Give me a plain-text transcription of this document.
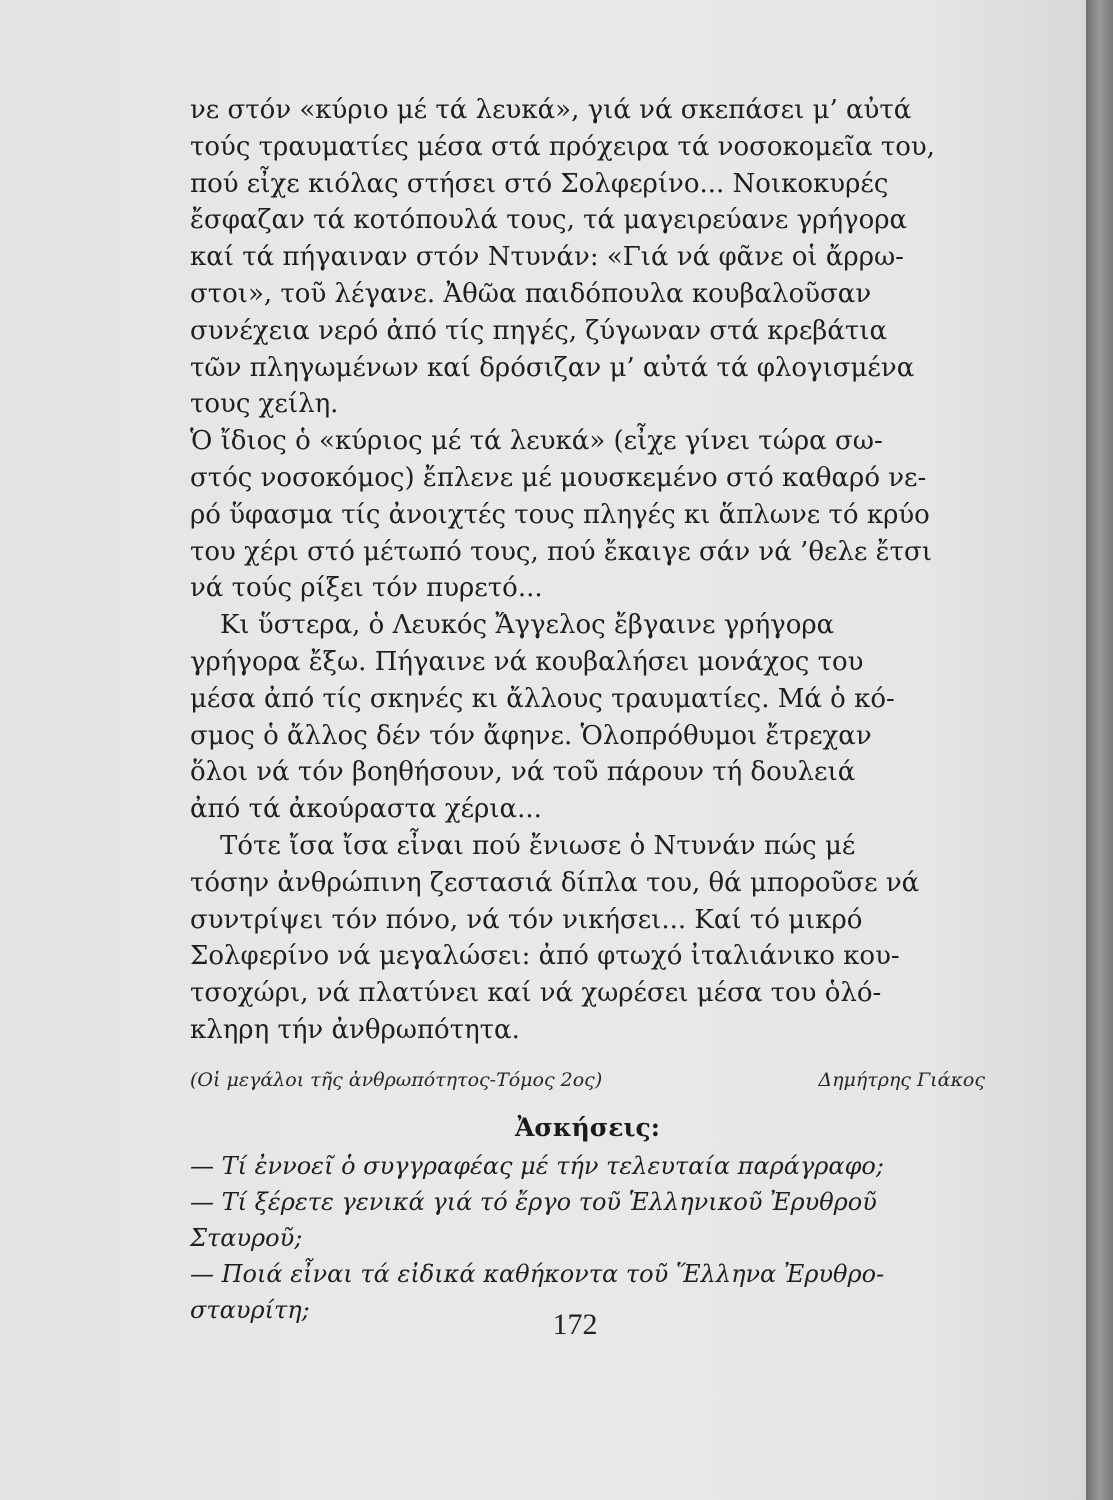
νε στόν «κύριο μέ τά λευκά», γιά νά σκεπάσει μ’ αὐτά

τούς τραυματίες μέσα στά πρόχειρα τά νοσοκομεῖα του,

πού εἶχε κιόλας στήσει στό Σολφερίνο... Νοικοκυρές

ἔσφαζαν τά κοτόπουλά τους, τά μαγειρεύανε γρήγορα

καί τά πήγαιναν στόν Ντυνάν: «Γιά νά φᾶνε οἱ ἄρρω-

στοι», τοῦ λέγανε. Ἀθῶα παιδόπουλα κουβαλοῦσαν

συνέχεια νερό ἀπό τίς πηγές, ζύγωναν στά κρεβάτια

τῶν πληγωμένων καί δρόσιζαν μ’ αὐτά τά φλογισμένα

τους χείλη.

Ὁ ἴδιος ὁ «κύριος μέ τά λευκά» (εἶχε γίνει τώρα σω-

στός νοσοκόμος) ἔπλενε μέ μουσκεμένο στό καθαρό νε-

ρό ὕφασμα τίς ἀνοιχτές τους πληγές κι ἅπλωνε τό κρύο

του χέρι στό μέτωπό τους, πού ἔκαιγε σάν νά ’θελε ἔτσι

νά τούς ρίξει τόν πυρετό...

Κι ὕστερα, ὁ Λευκός Ἄγγελος ἔβγαινε γρήγορα

γρήγορα ἔξω. Πήγαινε νά κουβαλήσει μονάχος του

μέσα ἀπό τίς σκηνές κι ἄλλους τραυματίες. Μά ὁ κό-

σμος ὁ ἄλλος δέν τόν ἄφηνε. Ὁλοπρόθυμοι ἔτρεχαν

ὅλοι νά τόν βοηθήσουν, νά τοῦ πάρουν τή δουλειά

ἀπό τά ἀκούραστα χέρια...

Τότε ἴσα ἴσα εἶναι πού ἔνιωσε ὁ Ντυνάν πώς μέ

τόσην ἀνθρώπινη ζεστασιά δίπλα του, θά μποροῦσε νά

συντρίψει τόν πόνο, νά τόν νικήσει... Καί τό μικρό

Σολφερίνο νά μεγαλώσει: ἀπό φτωχό ἰταλιάνικο κου-

τσοχώρι, νά πλατύνει καί νά χωρέσει μέσα του ὁλό-

κληρη τήν ἀνθρωπότητα.

(Οἱ μεγάλοι τῆς ἀνθρωπότητος-Τόμος 2ος)	Δημήτρης Γιάκος
Ἀσκήσεις:
— Τί ἐννοεῖ ὁ συγγραφέας μέ τήν τελευταία παράγραφο;
— Τί ξέρετε γενικά γιά τό ἔργο τοῦ Ἑλληνικοῦ Ἐρυθροῦ
Σταυροῦ;
— Ποιά εἶναι τά εἰδικά καθήκοντα τοῦ Ἕλληνα Ἐρυθρο-
σταυρίτη;	172
